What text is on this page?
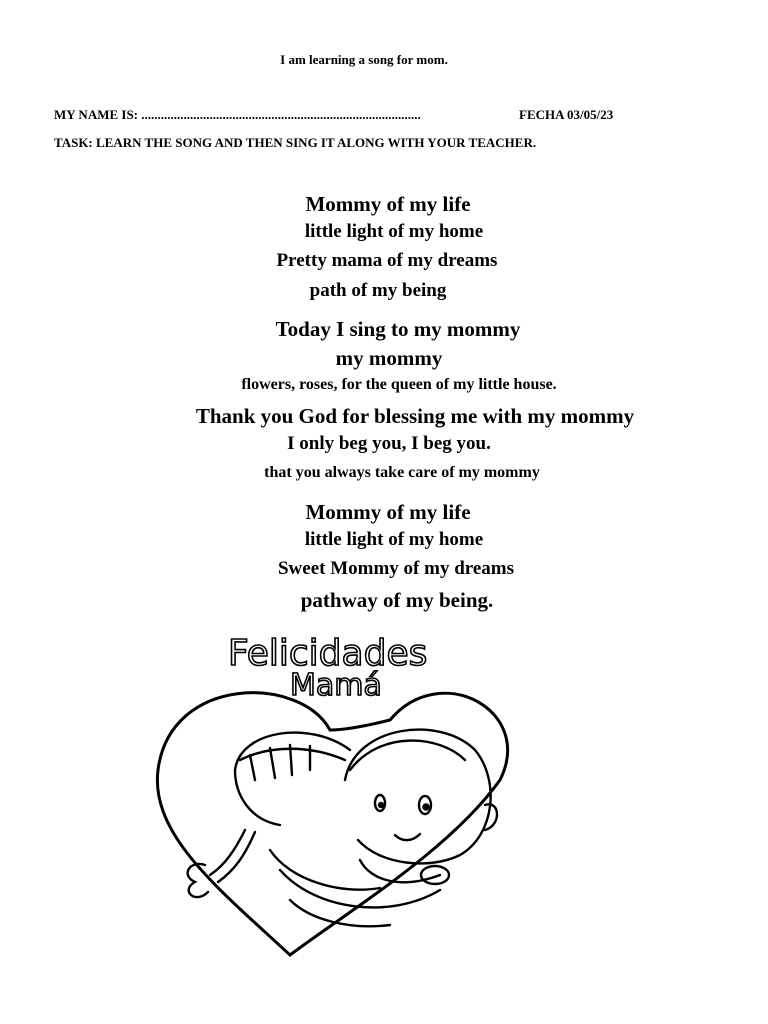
I am learning a song for mom.
MY NAME IS: ......................................................................................	FECHA 03/05/23
TASK: LEARN THE SONG AND THEN SING IT ALONG WITH YOUR TEACHER.
Mommy of my life
little light of my home
Pretty mama of my dreams
path of my being
Today I sing to my mommy
my mommy
flowers, roses, for the queen of my little house.
Thank you God for blessing me with my mommy
I only beg you, I beg you.
that you always take care of my mommy
Mommy of my life
little light of my home
Sweet Mommy of my dreams
pathway of my being.
Felicidades
Mamá
